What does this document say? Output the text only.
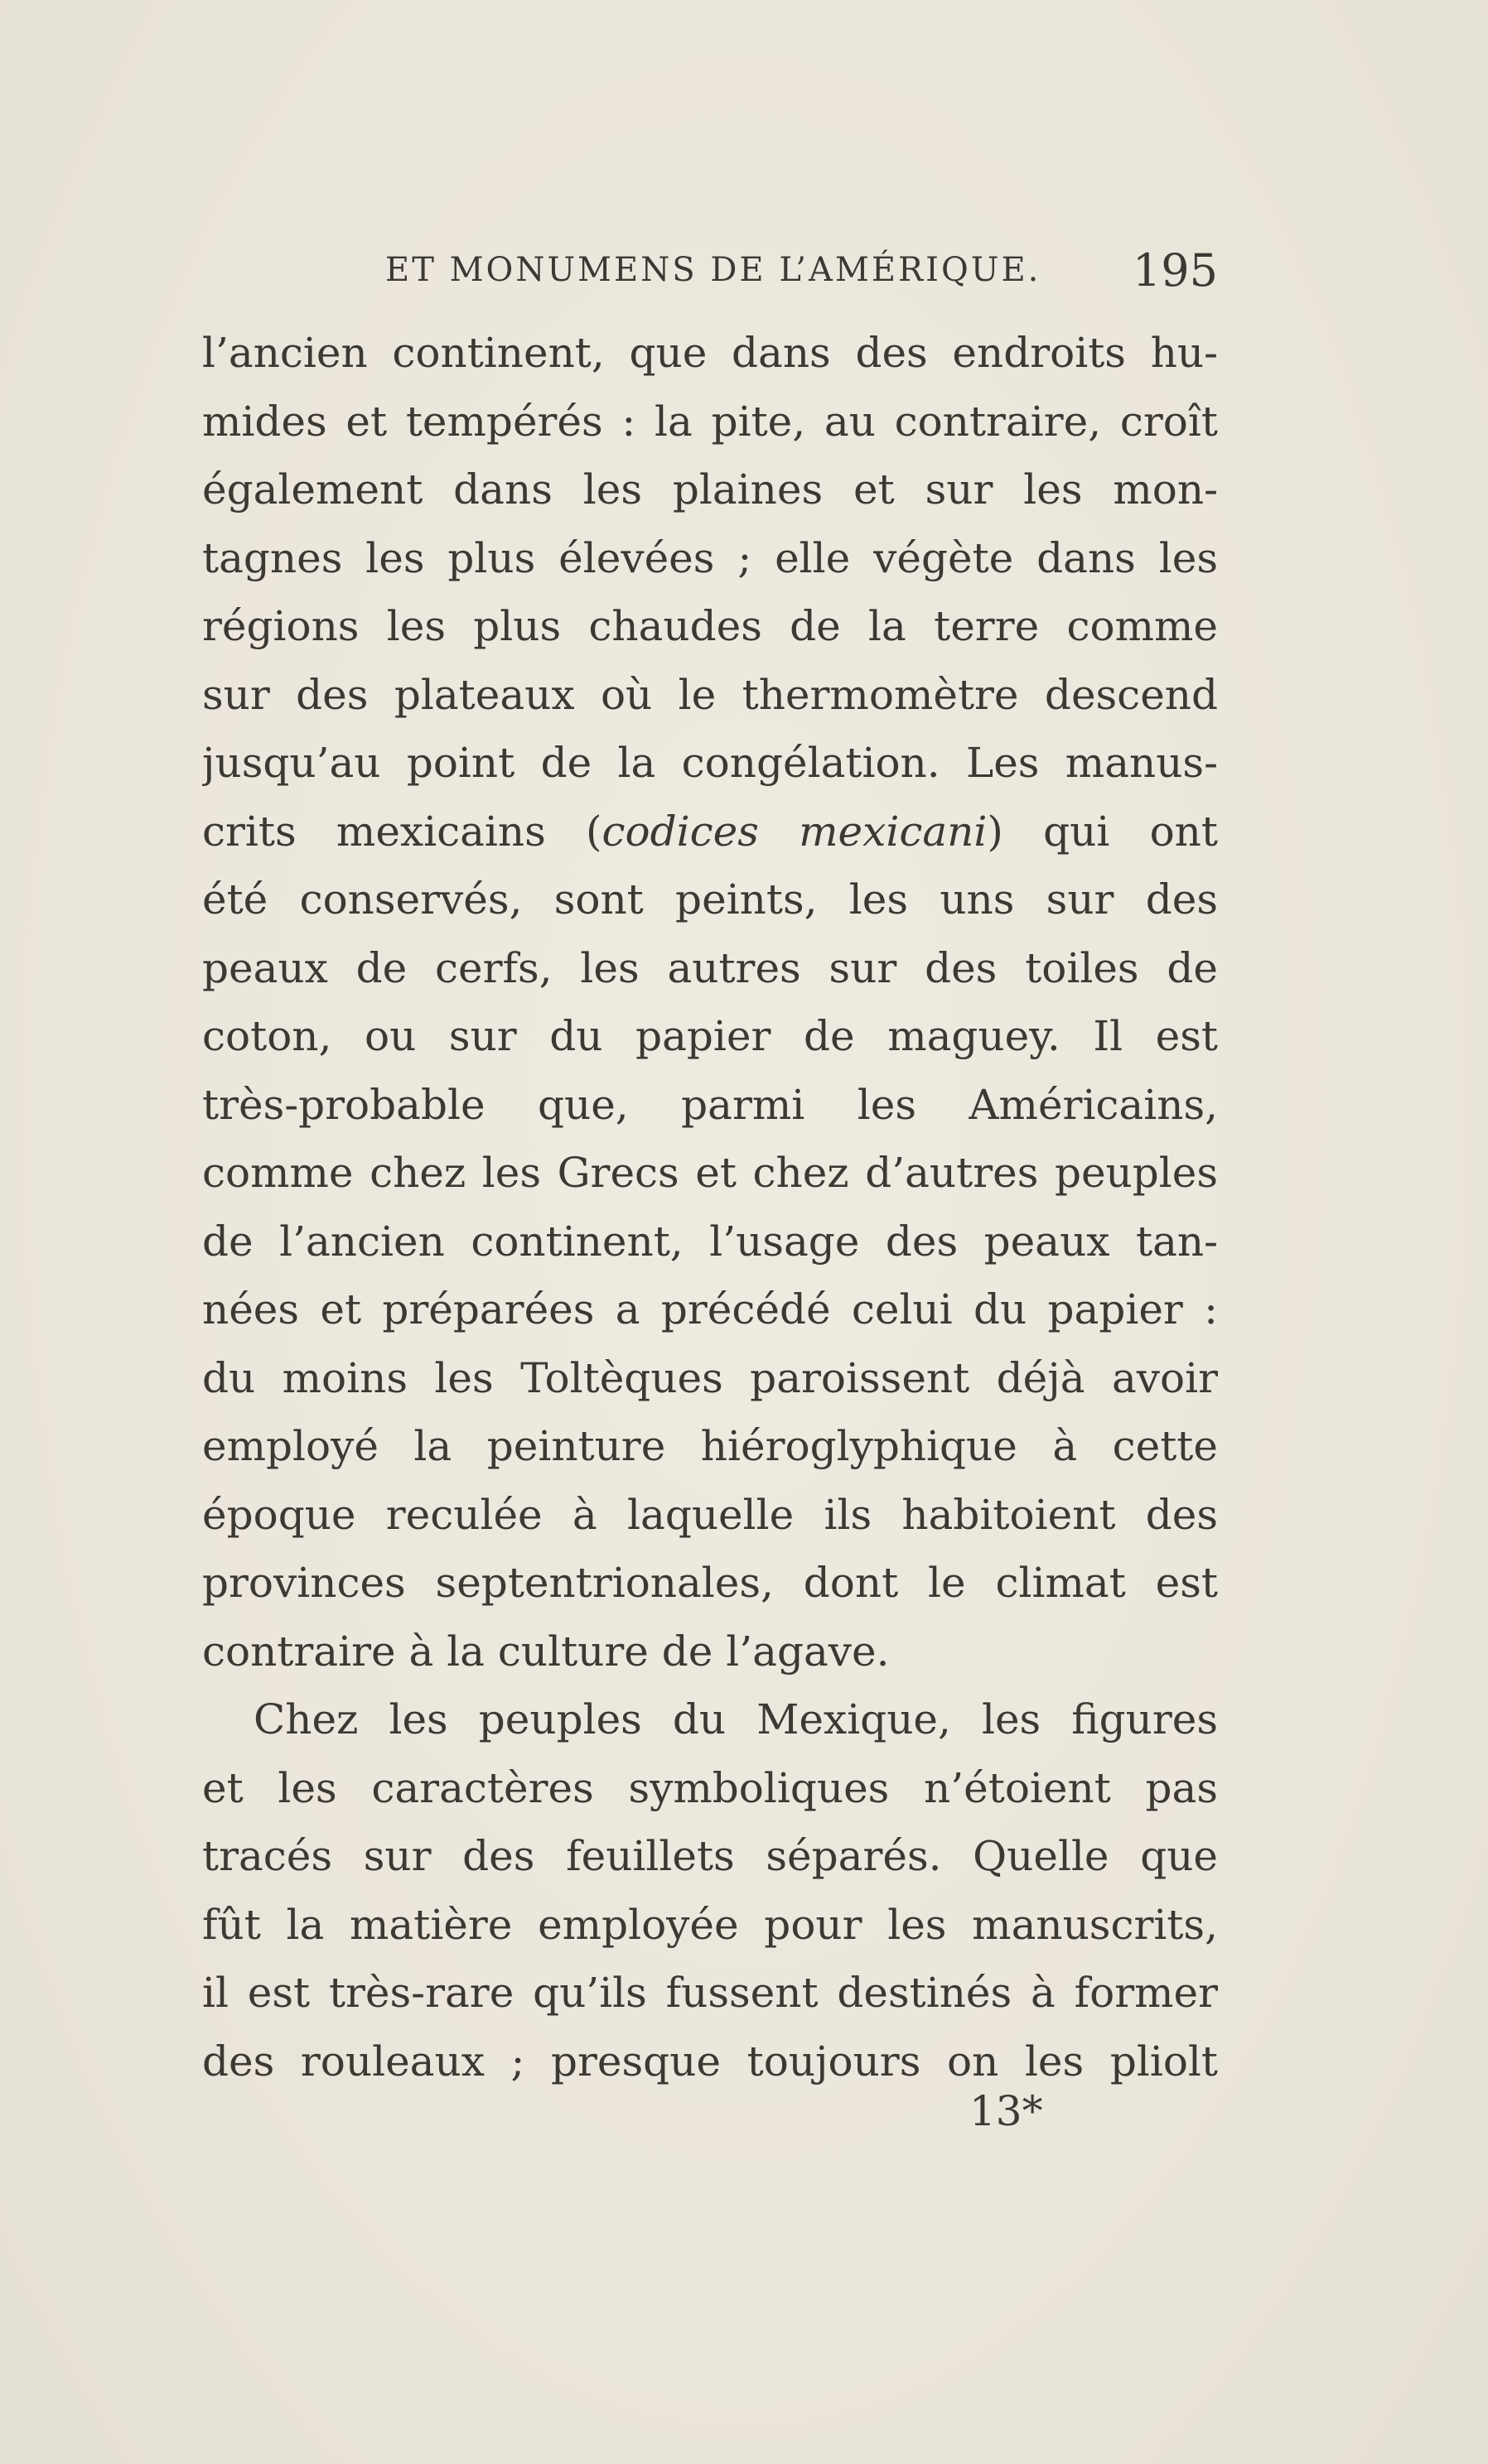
ET MONUMENS DE L’AMÉRIQUE. 195
l’ancien continent, que dans des endroits hu-
mides et tempérés : la pite, au contraire, croît
également dans les plaines et sur les mon-
tagnes les plus élevées ; elle végète dans les
régions les plus chaudes de la terre comme
sur des plateaux où le thermomètre descend
jusqu’au point de la congélation. Les manus-
crits mexicains (codices mexicani) qui ont
été conservés, sont peints, les uns sur des
peaux de cerfs, les autres sur des toiles de
coton, ou sur du papier de maguey. Il est
très-probable que, parmi les Américains,
comme chez les Grecs et chez d’autres peuples
de l’ancien continent, l’usage des peaux tan-
nées et préparées a précédé celui du papier :
du moins les Toltèques paroissent déjà avoir
employé la peinture hiéroglyphique à cette
époque reculée à laquelle ils habitoient des
provinces septentrionales, dont le climat est
contraire à la culture de l’agave.
Chez les peuples du Mexique, les figures
et les caractères symboliques n’étoient pas
tracés sur des feuillets séparés. Quelle que
fût la matière employée pour les manuscrits,
il est très-rare qu’ils fussent destinés à former
des rouleaux ; presque toujours on les pliolt
13*
